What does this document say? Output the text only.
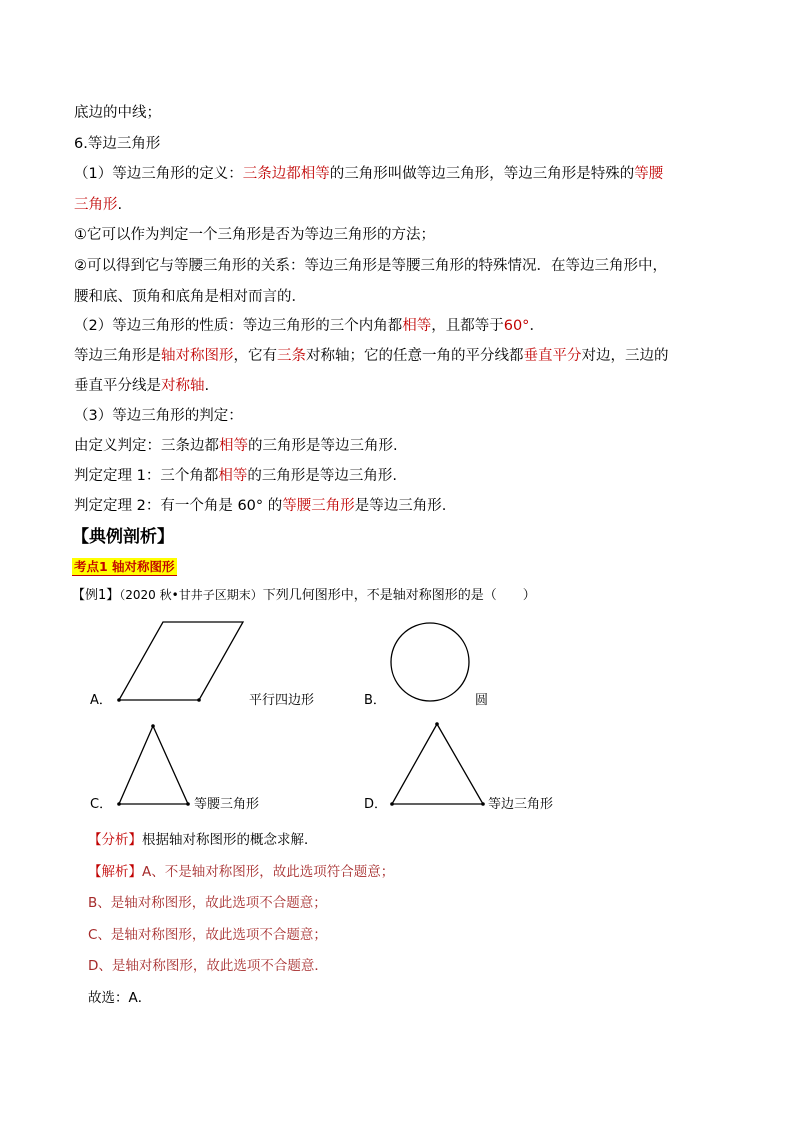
底边的中线；
6.等边三角形
（1）等边三角形的定义：三条边都相等的三角形叫做等边三角形，等边三角形是特殊的等腰
三角形.
①它可以作为判定一个三角形是否为等边三角形的方法；
②可以得到它与等腰三角形的关系：等边三角形是等腰三角形的特殊情况．在等边三角形中，
腰和底、顶角和底角是相对而言的．
（2）等边三角形的性质：等边三角形的三个内角都相等，且都等于60°．
等边三角形是轴对称图形，它有三条对称轴；它的任意一角的平分线都垂直平分对边，三边的
垂直平分线是对称轴.
（3）等边三角形的判定：
由定义判定：三条边都相等的三角形是等边三角形.
判定定理 1：三个角都相等的三角形是等边三角形.
判定定理 2：有一个角是 60° 的等腰三角形是等边三角形.
【典例剖析】
考点1 轴对称图形
【例1】（2020 秋•甘井子区期末）下列几何图形中，不是轴对称图形的是（　　）
A．	平行四边形	B．	圆
C．	等腰三角形	D．	等边三角形
【分析】根据轴对称图形的概念求解．
【解析】A、不是轴对称图形，故此选项符合题意；
B、是轴对称图形，故此选项不合题意；
C、是轴对称图形，故此选项不合题意；
D、是轴对称图形，故此选项不合题意．
故选：A．
